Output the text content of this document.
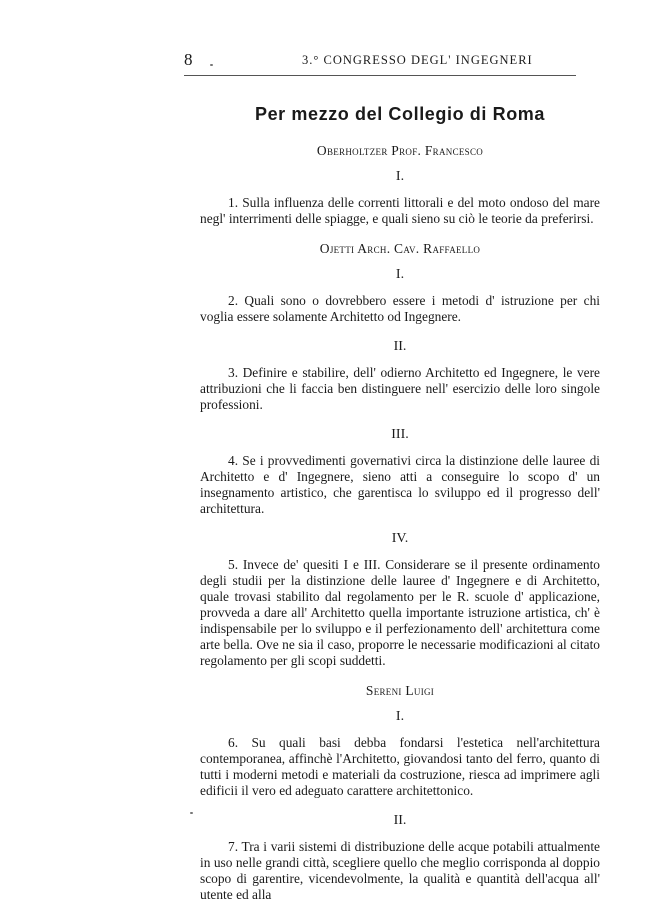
8	3.° CONGRESSO DEGL' INGEGNERI
Per mezzo del Collegio di Roma
Oberholtzer Prof. Francesco
I.

1. Sulla influenza delle correnti littorali e del moto ondoso del mare negl' interrimenti delle spiagge, e quali sieno su ciò le teorie da preferirsi.

Ojetti Arch. Cav. Raffaello
I.

2. Quali sono o dovrebbero essere i metodi d' istruzione per chi voglia essere solamente Architetto od Ingegnere.

II.

3. Definire e stabilire, dell' odierno Architetto ed Ingegnere, le vere attribuzioni che li faccia ben distinguere nell' esercizio delle loro singole professioni.

III.

4. Se i provvedimenti governativi circa la distinzione delle lauree di Architetto e d' Ingegnere, sieno atti a conseguire lo scopo d' un insegnamento artistico, che garentisca lo sviluppo ed il progresso dell' architettura.

IV.

5. Invece de' quesiti I e III. Considerare se il presente ordinamento degli studii per la distinzione delle lauree d' Ingegnere e di Architetto, quale trovasi stabilito dal regolamento per le R. scuole d' applicazione, provveda a dare all' Architetto quella importante istruzione artistica, ch' è indispensabile per lo sviluppo e il perfezionamento dell' architettura come arte bella. Ove ne sia il caso, proporre le necessarie modificazioni al citato regolamento per gli scopi suddetti.

Sereni Luigi
I.

6. Su quali basi debba fondarsi l'estetica nell'architettura contemporanea, affinchè l'Architetto, giovandosi tanto del ferro, quanto di tutti i moderni metodi e materiali da costruzione, riesca ad imprimere agli edificii il vero ed adeguato carattere architettonico.

II.

7. Tra i varii sistemi di distribuzione delle acque potabili attualmente in uso nelle grandi città, scegliere quello che meglio corrisponda al doppio scopo di garentire, vicendevolmente, la qualità e quantità dell'acqua all' utente ed alla
